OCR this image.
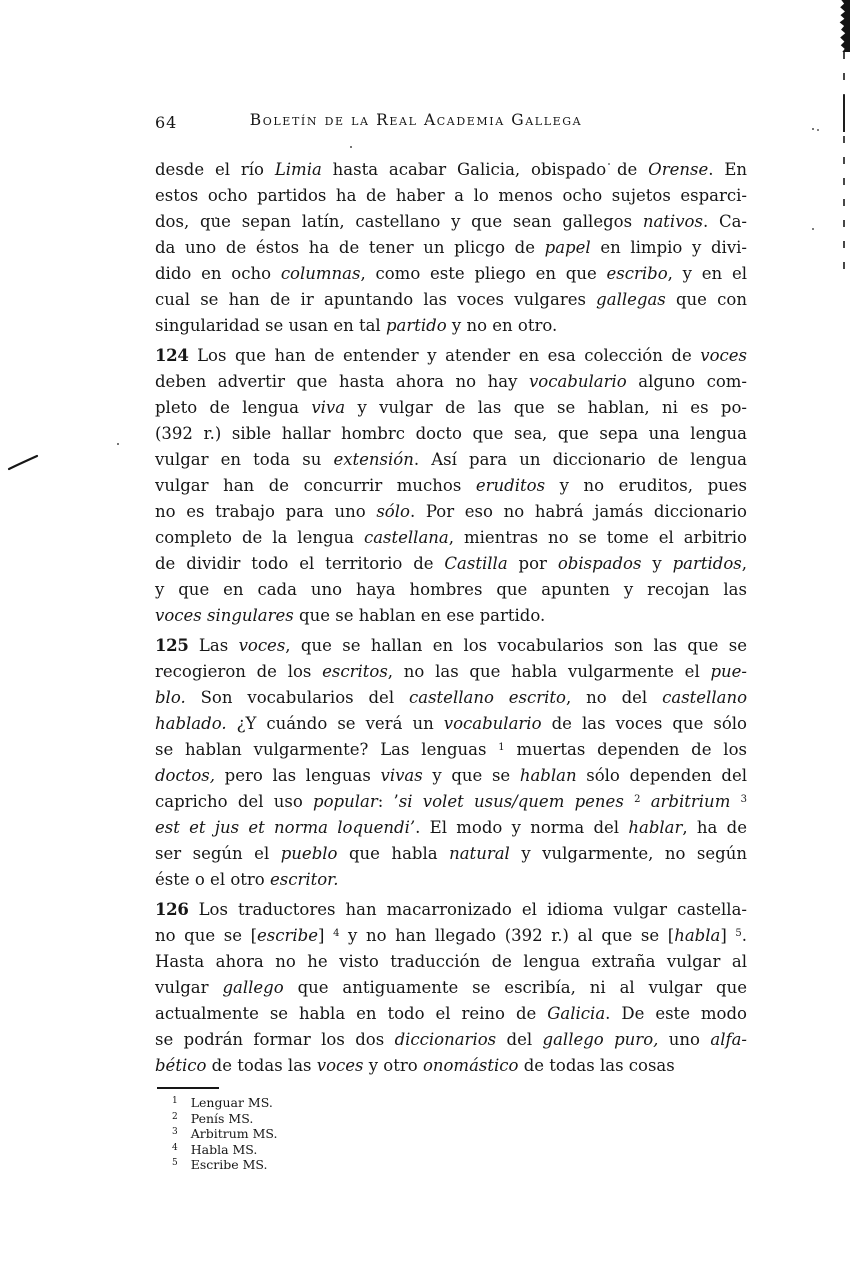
64	Boletín de la Real Academia Gallega
desde el río Limia hasta acabar Galicia, obispado de Orense. En
estos ocho partidos ha de haber a lo menos ocho sujetos esparci-
dos, que sepan latín, castellano y que sean gallegos nativos. Ca-
da uno de éstos ha de tener un plicgo de papel en limpio y divi-
dido en ocho columnas, como este pliego en que escribo, y en el
cual se han de ir apuntando las voces vulgares gallegas que con
singularidad se usan en tal partido y no en otro.
124 Los que han de entender y atender en esa colección de voces
deben advertir que hasta ahora no hay vocabulario alguno com-
pleto de lengua viva y vulgar de las que se hablan, ni es po-
(392 r.) sible hallar hombrc docto que sea, que sepa una lengua
vulgar en toda su extensión. Así para un diccionario de lengua
vulgar han de concurrir muchos eruditos y no eruditos, pues
no es trabajo para uno sólo. Por eso no habrá jamás diccionario
completo de la lengua castellana, mientras no se tome el arbitrio
de dividir todo el territorio de Castilla por obispados y partidos,
y que en cada uno haya hombres que apunten y recojan las
voces singulares que se hablan en ese partido.
125 Las voces, que se hallan en los vocabularios son las que se
recogieron de los escritos, no las que habla vulgarmente el pue-
blo. Son vocabularios del castellano escrito, no del castellano
hablado. ¿Y cuándo se verá un vocabulario de las voces que sólo
se hablan vulgarmente? Las lenguas $^1$ muertas dependen de los
doctos, pero las lenguas vivas y que se hablan sólo dependen del
capricho del uso popular: ’si volet usus/quem penes $^2$ arbitrium $^3$
est et jus et norma loquendi’. El modo y norma del hablar, ha de
ser según el pueblo que habla natural y vulgarmente, no según
éste o el otro escritor.
126 Los traductores han macarronizado el idioma vulgar castella-
no que se [escribe] $^4$ y no han llegado (392 r.) al que se [habla] $^5$.
Hasta ahora no he visto traducción de lengua extraña vulgar al
vulgar gallego que antiguamente se escribía, ni al vulgar que
actualmente se habla en todo el reino de Galicia. De este modo
se podrán formar los dos diccionarios del gallego puro, uno alfa-
bético de todas las voces y otro onomástico de todas las cosas
$^1$ Lenguar MS.
$^2$ Penís MS.
$^3$ Arbitrum MS.
$^4$ Habla MS.
$^5$ Escribe MS.
